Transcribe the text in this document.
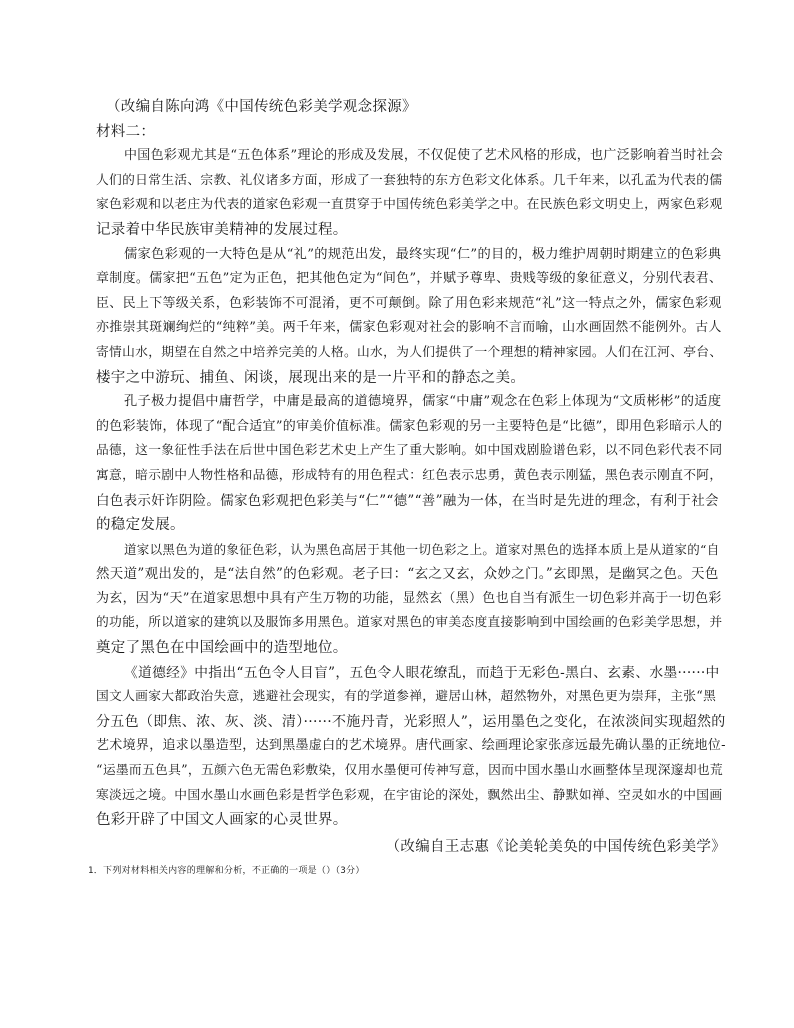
（改编自陈向鸿《中国传统色彩美学观念探源》
材料二：
中国色彩观尤其是“五色体系”理论的形成及发展，不仅促使了艺术风格的形成，也广泛影响着当时社会
人们的日常生活、宗教、礼仪诸多方面，形成了一套独特的东方色彩文化体系。几千年来，以孔孟为代表的儒
家色彩观和以老庄为代表的道家色彩观一直贯穿于中国传统色彩美学之中。在民族色彩文明史上，两家色彩观
记录着中华民族审美精神的发展过程。
儒家色彩观的一大特色是从“礼”的规范出发，最终实现“仁”的目的，极力维护周朝时期建立的色彩典
章制度。儒家把“五色”定为正色，把其他色定为“间色”，并赋予尊卑、贵贱等级的象征意义，分别代表君、
臣、民上下等级关系，色彩装饰不可混淆，更不可颠倒。除了用色彩来规范“礼”这一特点之外，儒家色彩观
亦推崇其斑斓绚烂的“纯粹”美。两千年来，儒家色彩观对社会的影响不言而喻，山水画固然不能例外。古人
寄情山水，期望在自然之中培养完美的人格。山水，为人们提供了一个理想的精神家园。人们在江河、亭台、
楼宇之中游玩、捕鱼、闲谈，展现出来的是一片平和的静态之美。
孔子极力提倡中庸哲学，中庸是最高的道德境界，儒家“中庸”观念在色彩上体现为“文质彬彬”的适度
的色彩装饰，体现了“配合适宜”的审美价值标准。儒家色彩观的另一主要特色是“比德”，即用色彩暗示人的
品德，这一象征性手法在后世中国色彩艺术史上产生了重大影响。如中国戏剧脸谱色彩，以不同色彩代表不同
寓意，暗示剧中人物性格和品德，形成特有的用色程式：红色表示忠勇，黄色表示刚猛，黑色表示刚直不阿，
白色表示奸诈阴险。儒家色彩观把色彩美与“仁”“德”“善”融为一体，在当时是先进的理念，有利于社会
的稳定发展。
道家以黑色为道的象征色彩，认为黑色高居于其他一切色彩之上。道家对黑色的选择本质上是从道家的“自
然天道”观出发的，是“法自然”的色彩观。老子曰：“玄之又玄，众妙之门。”玄即黑，是幽冥之色。天色
为玄，因为“天”在道家思想中具有产生万物的功能，显然玄（黑）色也自当有派生一切色彩并高于一切色彩
的功能，所以道家的建筑以及服饰多用黑色。道家对黑色的审美态度直接影响到中国绘画的色彩美学思想，并
奠定了黑色在中国绘画中的造型地位。
《道德经》中指出“五色令人目盲”，五色令人眼花缭乱，而趋于无彩色-黑白、玄素、水墨······中
国文人画家大都政治失意，逃避社会现实，有的学道参禅，避居山林，超然物外，对黑色更为崇拜，主张“黑
分五色（即焦、浓、灰、淡、清）······不施丹青，光彩照人”，运用墨色之变化，在浓淡间实现超然的
艺术境界，追求以墨造型，达到黑墨虚白的艺术境界。唐代画家、绘画理论家张彦远最先确认墨的正统地位-
“运墨而五色具”，五颜六色无需色彩敷染，仅用水墨便可传神写意，因而中国水墨山水画整体呈现深邃却也荒
寒淡远之境。中国水墨山水画色彩是哲学色彩观，在宇宙论的深处，飘然出尘、静默如禅、空灵如水的中国画
色彩开辟了中国文人画家的心灵世界。
（改编自王志惠《论美轮美奂的中国传统色彩美学》
1．下列对材料相关内容的理解和分析，不正确的一项是（）（3分）
